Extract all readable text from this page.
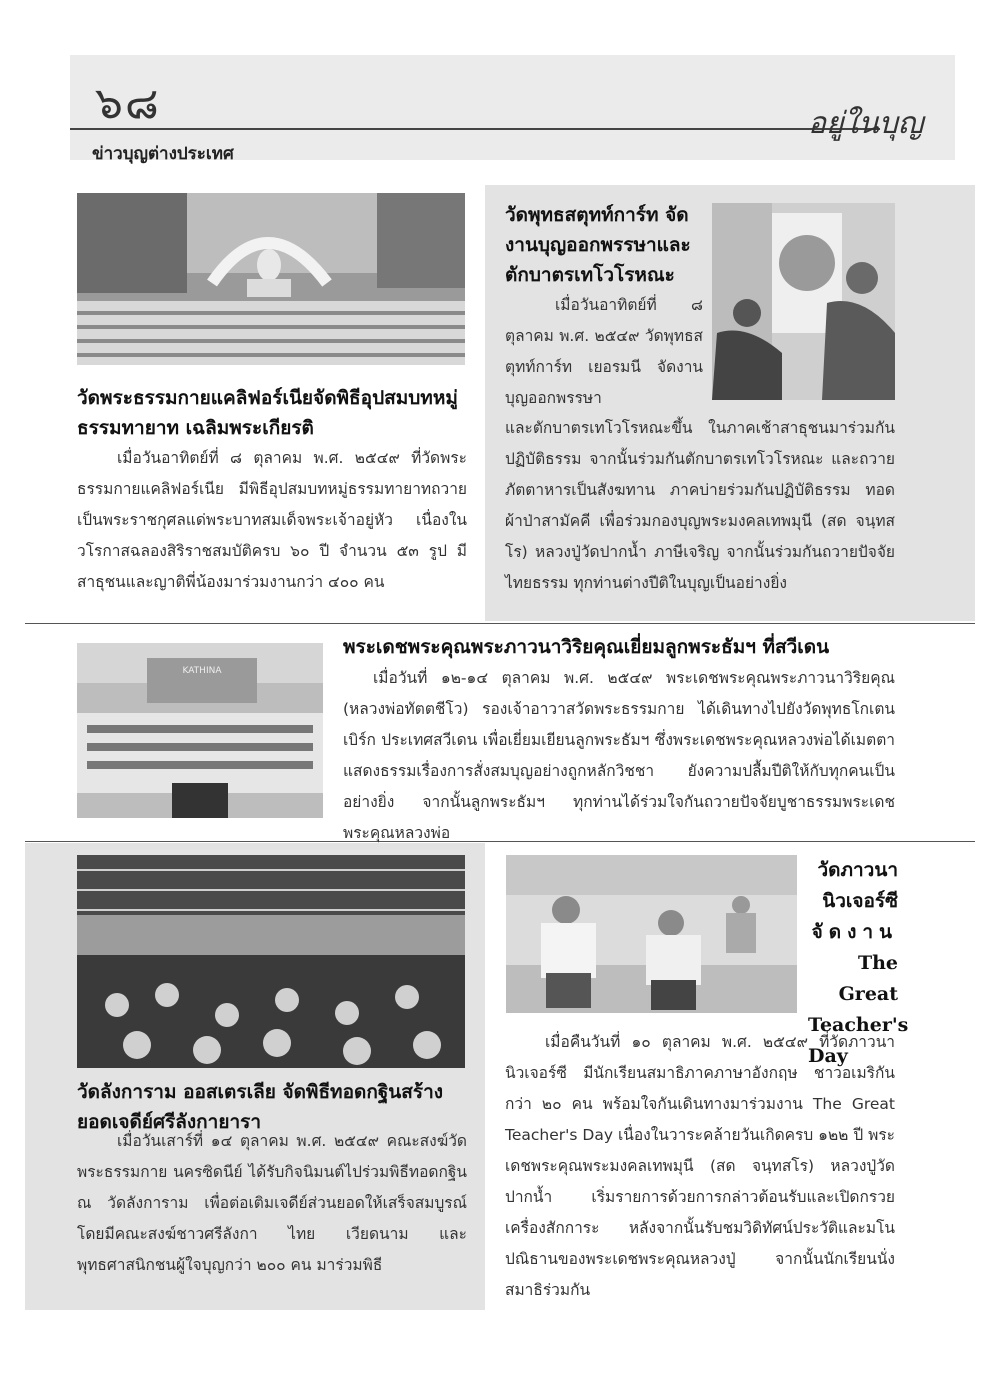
๖๘	อยู่ในบุญ
ข่าวบุญต่างประเทศ
KATHINA
วัดพระธรรมกายแคลิฟอร์เนียจัดพิธีอุปสมบทหมู่ธรรมทายาท เฉลิมพระเกียรติ
เมื่อวันอาทิตย์ที่ ๘ ตุลาคม พ.ศ. ๒๕๔๙ ที่วัดพระธรรมกายแคลิฟอร์เนีย มีพิธีอุปสมบทหมู่ธรรมทายาทถวายเป็นพระราชกุศลแด่พระบาทสมเด็จพระเจ้าอยู่หัว เนื่องในวโรกาสฉลองสิริราชสมบัติครบ ๖๐ ปี จำนวน ๕๓ รูป มีสาธุชนและญาติพี่น้องมาร่วมงานกว่า ๔๐๐ คน
วัดพุทธสตุทท์การ์ท จัดงานบุญออกพรรษาและตักบาตรเทโวโรหณะ
เมื่อวันอาทิตย์ที่ ๘ ตุลาคม พ.ศ. ๒๕๔๙ วัดพุทธสตุทท์การ์ท เยอรมนี จัดงานบุญออกพรรษา
และตักบาตรเทโวโรหณะขึ้น ในภาคเช้าสาธุชนมาร่วมกันปฏิบัติธรรม จากนั้นร่วมกันตักบาตรเทโวโรหณะ และถวายภัตตาหารเป็นสังฆทาน ภาคบ่ายร่วมกันปฏิบัติธรรม ทอดผ้าป่าสามัคคี เพื่อร่วมกองบุญพระมงคลเทพมุนี (สด จนฺทสโร) หลวงปู่วัดปากน้ำ ภาษีเจริญ จากนั้นร่วมกันถวายปัจจัยไทยธรรม ทุกท่านต่างปีติในบุญเป็นอย่างยิ่ง
พระเดชพระคุณพระภาวนาวิริยคุณเยี่ยมลูกพระธัมฯ ที่สวีเดน
เมื่อวันที่ ๑๒-๑๔ ตุลาคม พ.ศ. ๒๕๔๙ พระเดชพระคุณพระภาวนาวิริยคุณ (หลวงพ่อทัตตชีโว) รองเจ้าอาวาสวัดพระธรรมกาย ได้เดินทางไปยังวัดพุทธโกเตนเบิร์ก ประเทศสวีเดน เพื่อเยี่ยมเยียนลูกพระธัมฯ ซึ่งพระเดชพระคุณหลวงพ่อได้เมตตาแสดงธรรมเรื่องการสั่งสมบุญอย่างถูกหลักวิชชา ยังความปลื้มปีติให้กับทุกคนเป็นอย่างยิ่ง จากนั้นลูกพระธัมฯ ทุกท่านได้ร่วมใจกันถวายปัจจัยบูชาธรรมพระเดชพระคุณหลวงพ่อ
วัดลังการาม ออสเตรเลีย จัดพิธีทอดกฐินสร้างยอดเจดีย์ศรีลังกายารา
เมื่อวันเสาร์ที่ ๑๔ ตุลาคม พ.ศ. ๒๕๔๙ คณะสงฆ์วัดพระธรรมกาย นครซิดนีย์ ได้รับกิจนิมนต์ไปร่วมพิธีทอดกฐิน ณ วัดลังการาม เพื่อต่อเติมเจดีย์ส่วนยอดให้เสร็จสมบูรณ์ โดยมีคณะสงฆ์ชาวศรีลังกา ไทย เวียดนาม และพุทธศาสนิกชนผู้ใจบุญกว่า ๒๐๐ คน มาร่วมพิธี
วัดภาวนา
นิวเจอร์ซี
จัดงาน
The Great
Teacher's
Day
เมื่อคืนวันที่ ๑๐ ตุลาคม พ.ศ. ๒๕๔๙ ที่วัดภาวนานิวเจอร์ซี มีนักเรียนสมาธิภาคภาษาอังกฤษ ชาวอเมริกันกว่า ๒๐ คน พร้อมใจกันเดินทางมาร่วมงาน The Great Teacher's Day เนื่องในวาระคล้ายวันเกิดครบ ๑๒๒ ปี พระเดชพระคุณพระมงคลเทพมุนี (สด จนฺทสโร) หลวงปู่วัดปากน้ำ เริ่มรายการด้วยการกล่าวต้อนรับและเปิดกรวยเครื่องสักการะ หลังจากนั้นรับชมวิดิทัศน์ประวัติและมโนปณิธานของพระเดชพระคุณหลวงปู่ จากนั้นนักเรียนนั่งสมาธิร่วมกัน
